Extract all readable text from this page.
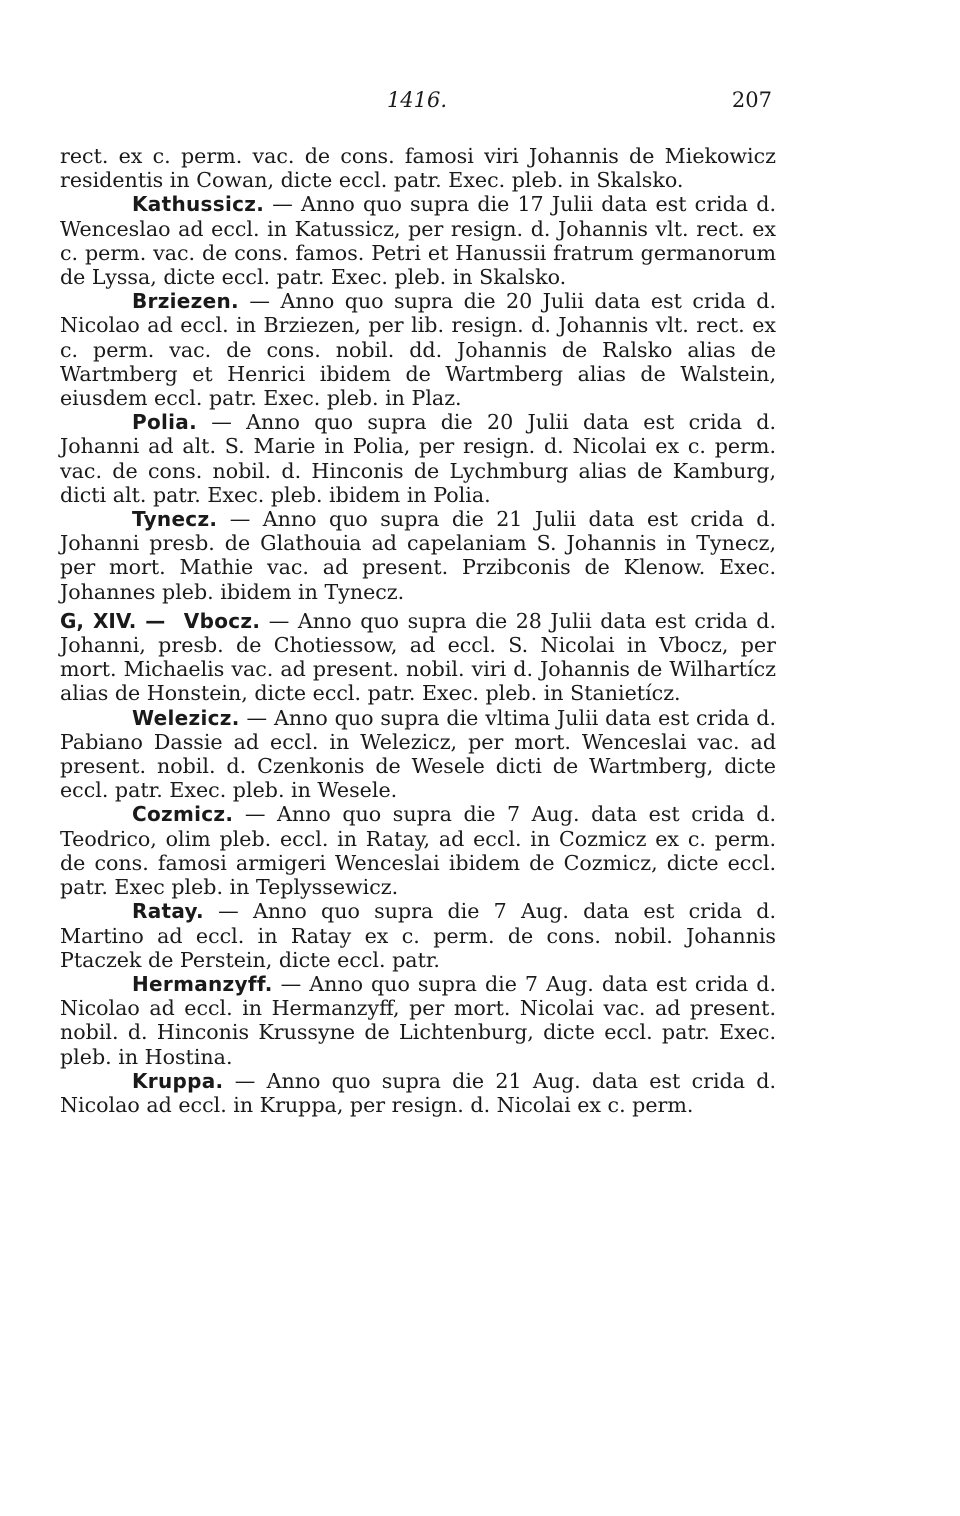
1416.	207

rect. ex c. perm. vac. de cons. famosi viri Johannis de Miekowicz residentis in Cowan, dicte eccl. patr. Exec. pleb. in Skalsko.

Kathussicz. — Anno quo supra die 17 Julii data est crida d. Wenceslao ad eccl. in Katussicz, per resign. d. Johannis vlt. rect. ex c. perm. vac. de cons. famos. Petri et Hanussii fratrum germanorum de Lyssa, dicte eccl. patr. Exec. pleb. in Skalsko.

Brziezen. — Anno quo supra die 20 Julii data est crida d. Nicolao ad eccl. in Brziezen, per lib. resign. d. Johannis vlt. rect. ex c. perm. vac. de cons. nobil. dd. Johannis de Ralsko alias de Wartmberg et Henrici ibidem de Wartmberg alias de Walstein, eiusdem eccl. patr. Exec. pleb. in Plaz.

Polia. — Anno quo supra die 20 Julii data est crida d. Johanni ad alt. S. Marie in Polia, per resign. d. Nicolai ex c. perm. vac. de cons. nobil. d. Hinconis de Lychmburg alias de Kamburg, dicti alt. patr. Exec. pleb. ibidem in Polia.

Tynecz. — Anno quo supra die 21 Julii data est crida d. Johanni presb. de Glathouia ad capelaniam S. Johannis in Tynecz, per mort. Mathie vac. ad present. Przibconis de Klenow. Exec. Johannes pleb. ibidem in Tynecz.

G, XIV. — Vbocz. — Anno quo supra die 28 Julii data est crida d. Johanni, presb. de Chotiessow, ad eccl. S. Nicolai in Vbocz, per mort. Michaelis vac. ad present. nobil. viri d. Johannis de Wilhartícz alias de Honstein, dicte eccl. patr. Exec. pleb. in Stanietícz.

Welezicz. — Anno quo supra die vltima Julii data est crida d. Pabiano Dassie ad eccl. in Welezicz, per mort. Wenceslai vac. ad present. nobil. d. Czenkonis de Wesele dicti de Wartmberg, dicte eccl. patr. Exec. pleb. in Wesele.

Cozmicz. — Anno quo supra die 7 Aug. data est crida d. Teodrico, olim pleb. eccl. in Ratay, ad eccl. in Cozmicz ex c. perm. de cons. famosi armigeri Wenceslai ibidem de Cozmicz, dicte eccl. patr. Exec pleb. in Teplyssewicz.

Ratay. — Anno quo supra die 7 Aug. data est crida d. Martino ad eccl. in Ratay ex c. perm. de cons. nobil. Johannis Ptaczek de Perstein, dicte eccl. patr.

Hermanzyff. — Anno quo supra die 7 Aug. data est crida d. Nicolao ad eccl. in Hermanzyff, per mort. Nicolai vac. ad present. nobil. d. Hinconis Krussyne de Lichtenburg, dicte eccl. patr. Exec. pleb. in Hostina.

Kruppa. — Anno quo supra die 21 Aug. data est crida d. Nicolao ad eccl. in Kruppa, per resign. d. Nicolai ex c. perm.
